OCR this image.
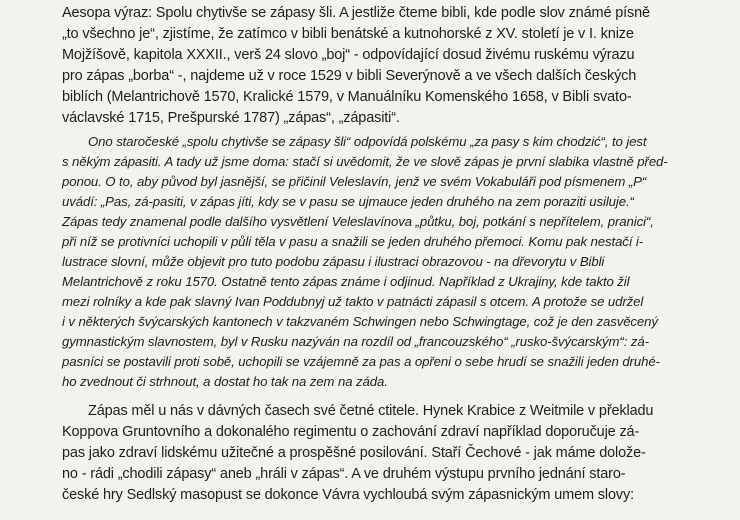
Aesopa výraz: Spolu chytivše se zápasy šli. A jestliže čteme bibli, kde podle slov známé písně
„to všechno je“, zjistíme, že zatímco v bibli benátské a kutnohorské z XV. století je v I. knize
Mojžíšově, kapitola XXXII., verš 24 slovo „boj“ - odpovídající dosud živému ruskému výrazu
pro zápas „borba“ -, najdeme už v roce 1529 v bibli Severýnově a ve všech dalších českých
biblích (Melantrichově 1570, Kralické 1579, v Manuálníku Komenského 1658, v Bibli svato-
václavské 1715, Prešpurské 1787) „zápas“, „zápasiti“.
Ono staročeské „spolu chytivše se zápasy šli“ odpovídá polskému „za pasy s kim chodzić“, to jest
s někým zápasiti. A tady už jsme doma: stačí si uvědomit, že ve slově zápas je první slabika vlastně před-
ponou. O to, aby původ byl jasnější, se přičinil Veleslavín, jenž ve svém Vokabuláři pod písmenem „P“
uvádí: „Pas, zá-pasiti, v zápas jíti, kdy se v pasu se ujmauce jeden druhého na zem poraziti usiluje.“
Zápas tedy znamenal podle dalšího vysvětlení Veleslavínova „půtku, boj, potkání s nepřítelem, pranici“,
při níž se protivníci uchopili v půli těla v pasu a snažili se jeden druhého přemoci. Komu pak nestačí i-
lustrace slovní, může objevit pro tuto podobu zápasu i ilustraci obrazovou - na dřevorytu v Bibli
Melantrichově z roku 1570. Ostatně tento zápas známe i odjinud. Například z Ukrajiny, kde takto žil
mezi rolníky a kde pak slavný Ivan Poddubnyj už takto v patnácti zápasil s otcem. A protože se udržel
i v některých švýcarských kantonech v takzvaném Schwingen nebo Schwingtage, což je den zasvěcený
gymnastickým slavnostem, byl v Rusku nazýván na rozdíl od „francouzského“ „rusko-švýcarským“: zá-
pasníci se postavili proti sobě, uchopili se vzájemně za pas a opřeni o sebe hrudí se snažili jeden druhé-
ho zvednout či strhnout, a dostat ho tak na zem na záda.
Zápas měl u nás v dávných časech své četné ctitele. Hynek Krabice z Weitmile v překladu
Koppova Gruntovního a dokonalého regimentu o zachování zdraví například doporučuje zá-
pas jako zdraví lidskému užitečné a prospěšné posilování. Staří Čechové - jak máme dolože-
no - rádi „chodili zápasy“ aneb „hráli v zápas“. A ve druhém výstupu prvního jednání staro-
české hry Sedlský masopust se dokonce Vávra vychloubá svým zápasnickým umem slovy:
